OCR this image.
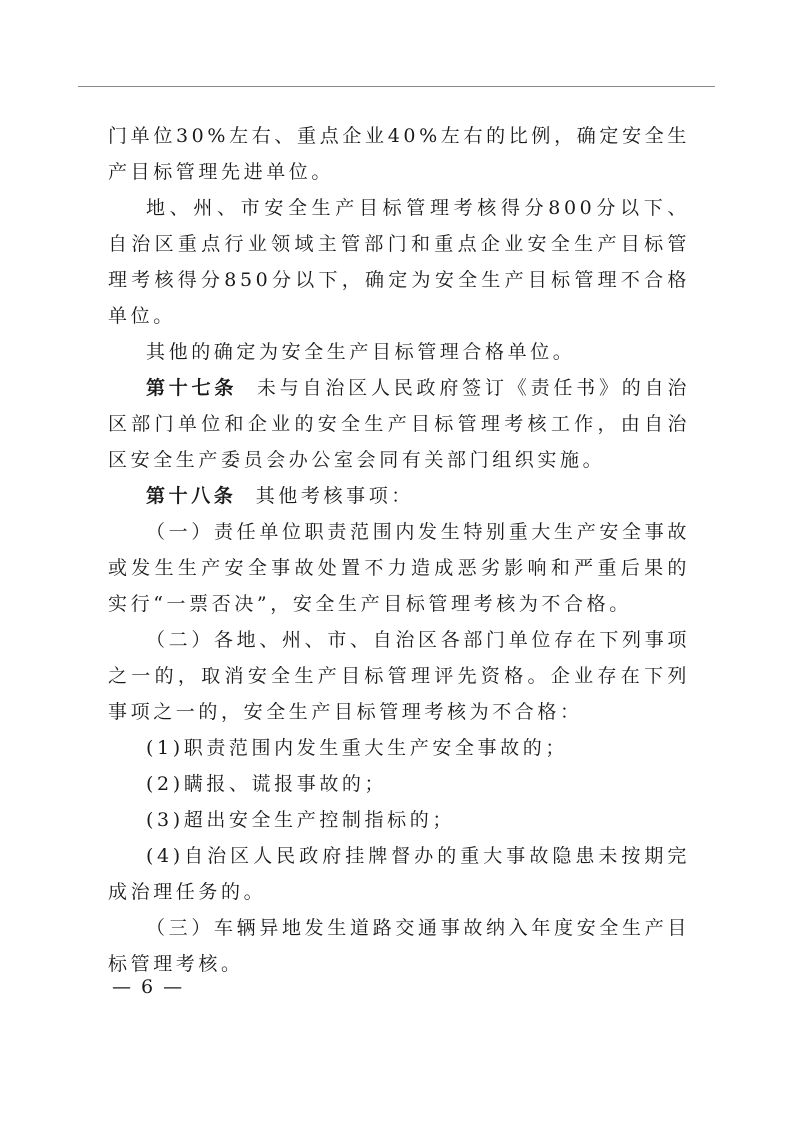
门单位30%左右、重点企业40%左右的比例，确定安全生产目标管理先进单位。

地、州、市安全生产目标管理考核得分800分以下、自治区重点行业领域主管部门和重点企业安全生产目标管理考核得分850分以下，确定为安全生产目标管理不合格单位。

其他的确定为安全生产目标管理合格单位。

第十七条 未与自治区人民政府签订《责任书》的自治区部门单位和企业的安全生产目标管理考核工作，由自治区安全生产委员会办公室会同有关部门组织实施。

第十八条 其他考核事项：

（一）责任单位职责范围内发生特别重大生产安全事故或发生生产安全事故处置不力造成恶劣影响和严重后果的实行“一票否决”，安全生产目标管理考核为不合格。

（二）各地、州、市、自治区各部门单位存在下列事项之一的，取消安全生产目标管理评先资格。企业存在下列事项之一的，安全生产目标管理考核为不合格：

(1)职责范围内发生重大生产安全事故的；

(2)瞒报、谎报事故的；

(3)超出安全生产控制指标的；

(4)自治区人民政府挂牌督办的重大事故隐患未按期完成治理任务的。

（三）车辆异地发生道路交通事故纳入年度安全生产目标管理考核。

— 6 —
